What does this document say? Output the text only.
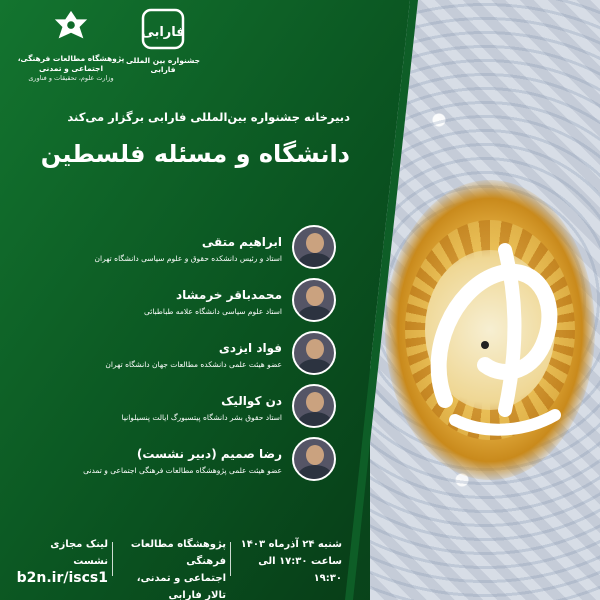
پژوهشگاه مطالعات فرهنگی، اجتماعی و تمدنی
وزارت علوم، تحقیقات و فناوری
فارابی
جشنواره بین المللی فارابی
دبیرخانه جشنواره بین‌المللی فارابی برگزار می‌کند
دانشگاه و مسئله فلسطین
ابراهیم متقی
استاد و رئیس دانشکده حقوق و علوم سیاسی دانشگاه تهران
محمدباقر خرمشاد
استاد علوم سیاسی دانشگاه علامه طباطبائی
فواد ایزدی
عضو هیئت علمی دانشکده مطالعات جهان دانشگاه تهران
دن کوالیک
استاد حقوق بشر دانشگاه پیتسبورگ ایالت پنسیلوانیا
رضا صمیم (دبیر نشست)
عضو هیئت علمی پژوهشگاه مطالعات فرهنگی اجتماعی و تمدنی
شنبه ۲۴ آذرماه ۱۴۰۳
ساعت ۱۷:۳۰ الی ۱۹:۳۰
پژوهشگاه مطالعات فرهنگی
اجتماعی و تمدنی، تالار فارابی
لینک مجازی نشست
b2n.ir/iscs1
